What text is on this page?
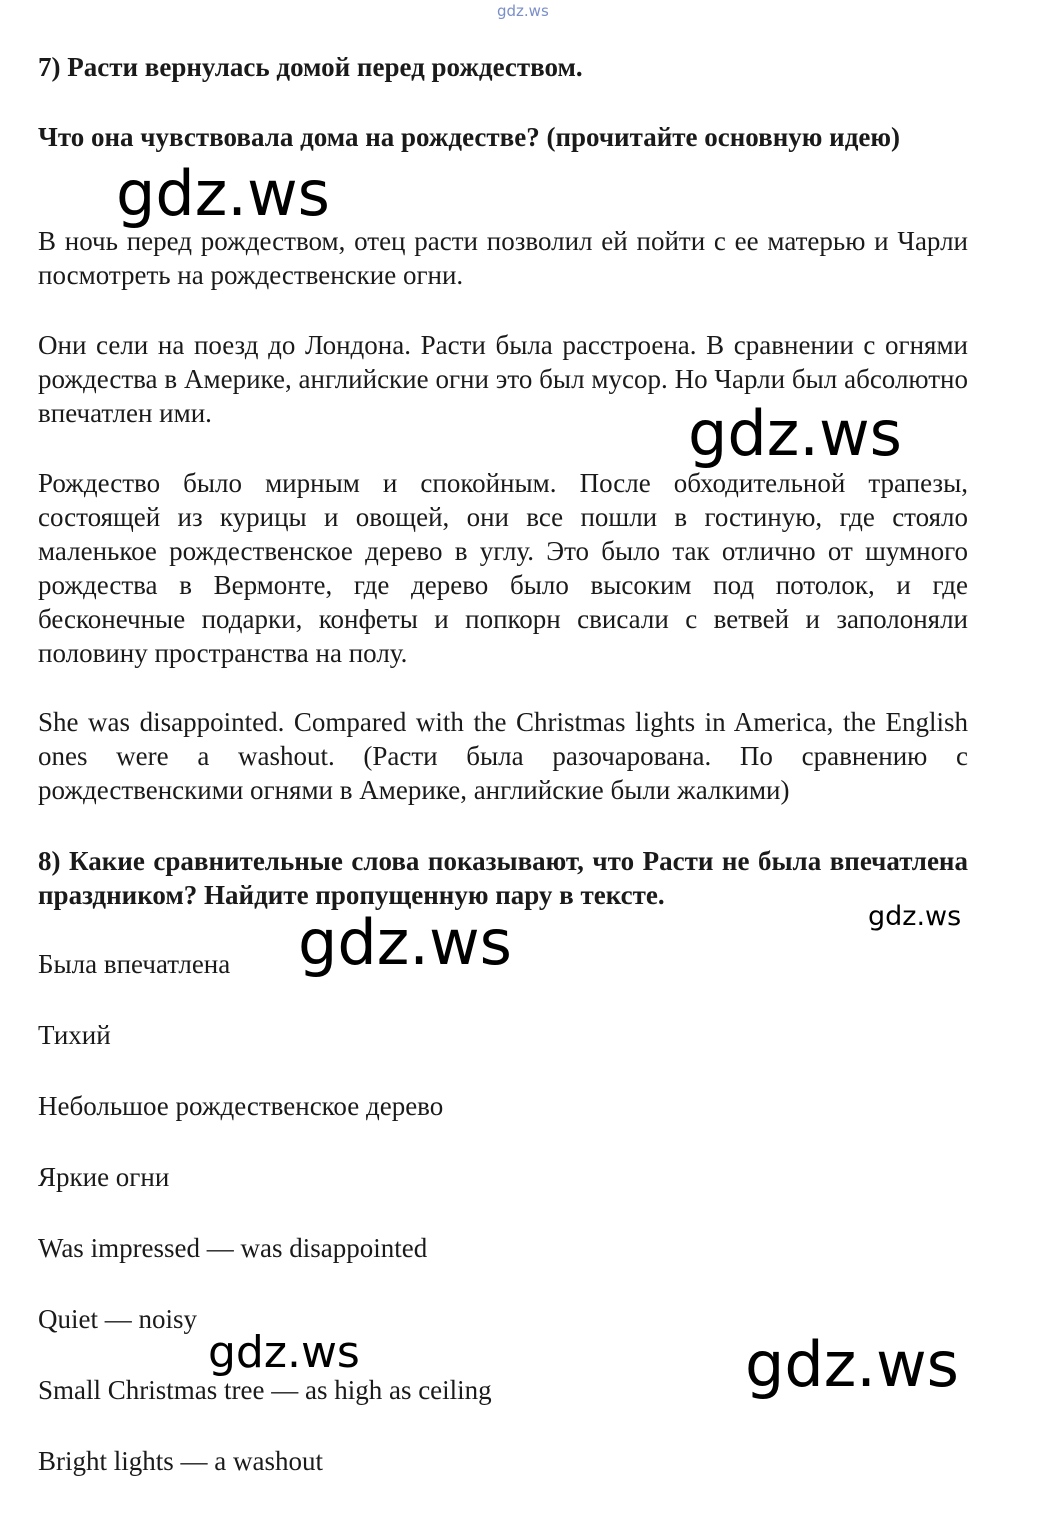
gdz.ws

7) Расти вернулась домой перед рождеством.

Что она чувствовала дома на рождестве? (прочитайте основную идею)

В ночь перед рождеством, отец расти позволил ей пойти с ее матерью и Чарли посмотреть на рождественские огни.

Они сели на поезд до Лондона. Расти была расстроена. В сравнении с огнями рождества в Америке, английские огни это был мусор. Но Чарли был абсолютно впечатлен ими.

Рождество было мирным и спокойным. После обходительной трапезы, состоящей из курицы и овощей, они все пошли в гостиную, где стояло маленькое рождественское дерево в углу. Это было так отлично от шумного рождества в Вермонте, где дерево было высоким под потолок, и где бесконечные подарки, конфеты и попкорн свисали с ветвей и заполоняли половину пространства на полу.

She was disappointed. Compared with the Christmas lights in America, the English ones were a washout. (Расти была разочарована. По сравнению с рождественскими огнями в Америке, английские были жалкими)

8) Какие сравнительные слова показывают, что Расти не была впечатлена праздником? Найдите пропущенную пару в тексте.

Была впечатлена

Тихий

Небольшое рождественское дерево

Яркие огни

Was impressed — was disappointed

Quiet — noisy

Small Christmas tree — as high as ceiling

Bright lights — a washout

gdz.ws
gdz.ws
gdz.ws
gdz.ws
gdz.ws	gdz.ws
